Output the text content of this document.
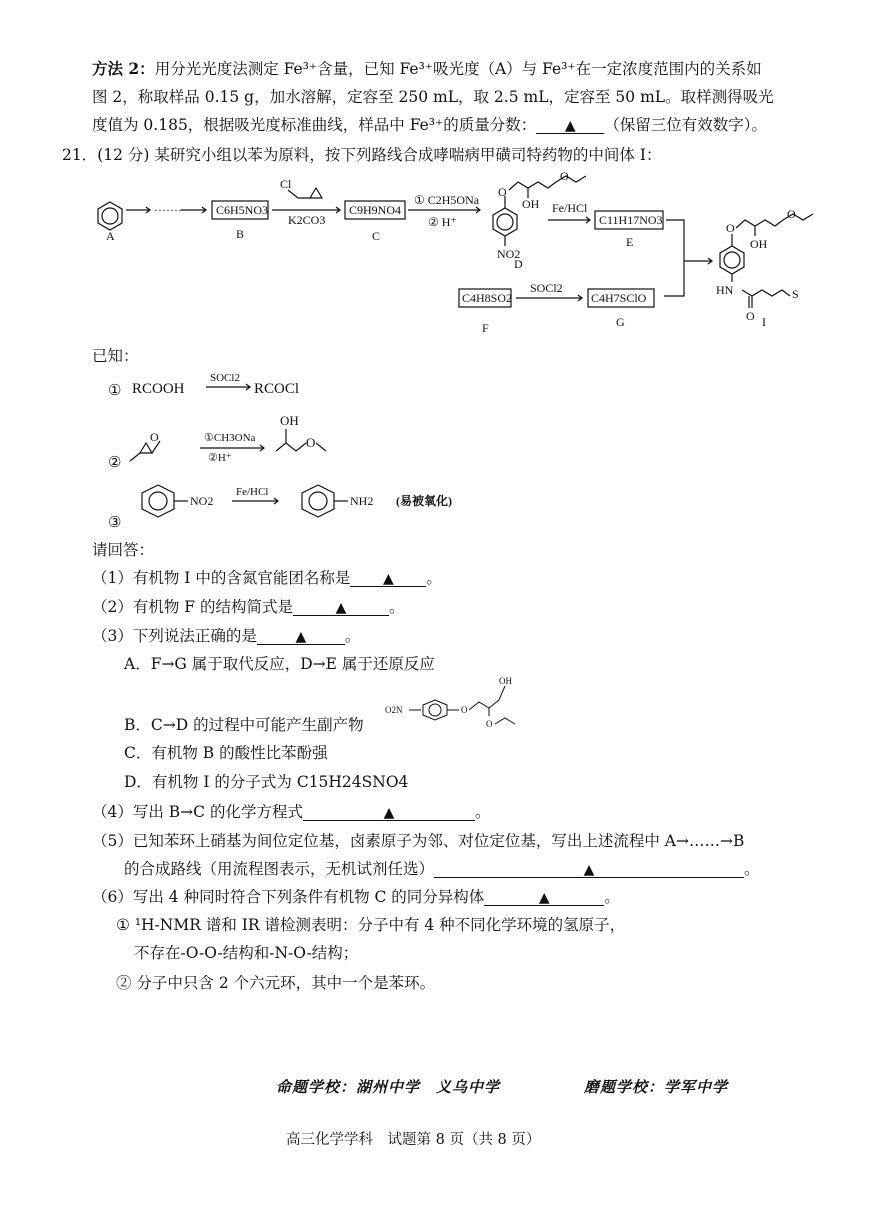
方法 2：用分光光度法测定 Fe³⁺含量，已知 Fe³⁺吸光度（A）与 Fe³⁺在一定浓度范围内的关系如
图 2，称取样品 0.15 g，加水溶解，定容至 250 mL，取 2.5 mL，定容至 50 mL。取样测得吸光
度值为 0.185，根据吸光度标准曲线，样品中 Fe³⁺的质量分数： ▲ （保留三位有效数字）。
21．(12 分) 某研究小组以苯为原料，按下列路线合成哮喘病甲磺司特药物的中间体 I：
A
·······	C6H5NO3
B
Cl
K2CO3
C9H9NO4
C
① C2H5ONa
② H⁺
O
OH
O
NO2
D
Fe/HCl
C11H17NO3
E
C4H8SO2
F
SOCl2
C4H7SClO
G
O
OH
O
HN
O
S
I
已知：
① RCOOH
SOCl2
RCOCl
②
O	①CH3ONa
②H⁺
OH
O
③
NO2
Fe/HCl
NH2 (易被氧化)
请回答：
（1）有机物 I 中的含氮官能团名称是 ▲ 。
（2）有机物 F 的结构简式是	▲	。
（3）下列说法正确的是	▲ 。
A．F→G 属于取代反应，D→E 属于还原反应
O2N	O
OH
O
B．C→D 的过程中可能产生副产物
C．有机物 B 的酸性比苯酚强
D．有机物 I 的分子式为 C15H24SNO4
（4）写出 B→C 的化学方程式	▲	。
（5）已知苯环上硝基为间位定位基，卤素原子为邻、对位定位基，写出上述流程中 A→……→B
的合成路线（用流程图表示，无机试剂任选）	▲	。
（6）写出 4 种同时符合下列条件有机物 C 的同分异构体	▲	。
① ¹H-NMR 谱和 IR 谱检测表明：分子中有 4 种不同化学环境的氢原子，
不存在-O-O-结构和-N-O-结构；
② 分子中只含 2 个六元环，其中一个是苯环。
命题学校：湖州中学　义乌中学	磨题学校：学军中学
高三化学学科　试题第 8 页（共 8 页）
